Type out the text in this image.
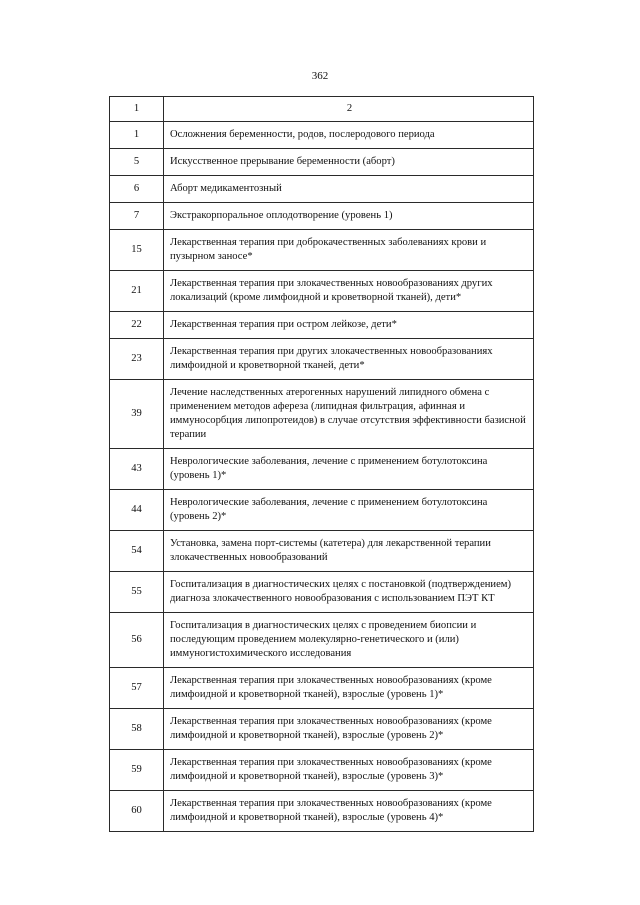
362
1	2
1	Осложнения беременности, родов, послеродового периода
5	Искусственное прерывание беременности (аборт)
6	Аборт медикаментозный
7	Экстракорпоральное оплодотворение (уровень 1)
15	Лекарственная терапия при доброкачественных заболеваниях крови и пузырном заносе*
21	Лекарственная терапия при злокачественных новообразованиях других локализаций (кроме лимфоидной и кроветворной тканей), дети*
22	Лекарственная терапия при остром лейкозе, дети*
23	Лекарственная терапия при других злокачественных новообразованиях лимфоидной и кроветворной тканей, дети*
39	Лечение наследственных атерогенных нарушений липидного обмена с применением методов афереза (липидная фильтрация, афинная и иммуносорбция липопротеидов) в случае отсутствия эффективности базисной терапии
43	Неврологические заболевания, лечение с применением ботулотоксина (уровень 1)*
44	Неврологические заболевания, лечение с применением ботулотоксина (уровень 2)*
54	Установка, замена порт-системы (катетера) для лекарственной терапии злокачественных новообразований
55	Госпитализация в диагностических целях с постановкой (подтверждением) диагноза злокачественного новообразования с использованием ПЭТ КТ
56	Госпитализация в диагностических целях с проведением биопсии и последующим проведением молекулярно-генетического и (или) иммуногистохимического исследования
57	Лекарственная терапия при злокачественных новообразованиях (кроме лимфоидной и кроветворной тканей), взрослые (уровень 1)*
58	Лекарственная терапия при злокачественных новообразованиях (кроме лимфоидной и кроветворной тканей), взрослые (уровень 2)*
59	Лекарственная терапия при злокачественных новообразованиях (кроме лимфоидной и кроветворной тканей), взрослые (уровень 3)*
60	Лекарственная терапия при злокачественных новообразованиях (кроме лимфоидной и кроветворной тканей), взрослые (уровень 4)*
